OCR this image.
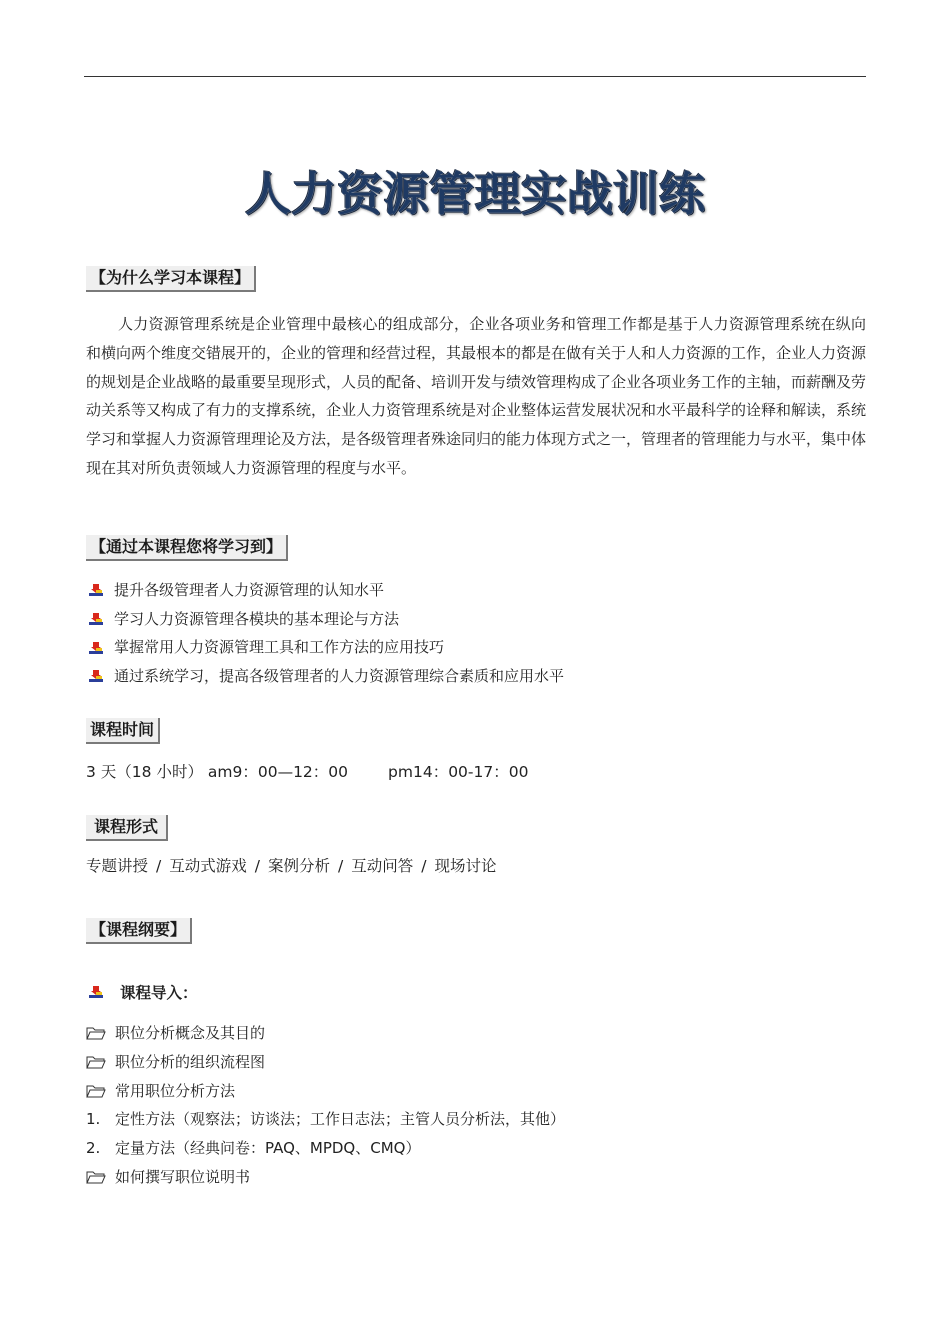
人力资源管理实战训练
【为什么学习本课程】

人力资源管理系统是企业管理中最核心的组成部分，企业各项业务和管理工作都是基于人力资源管理系统在纵向和横向两个维度交错展开的，企业的管理和经营过程，其最根本的都是在做有关于人和人力资源的工作，企业人力资源的规划是企业战略的最重要呈现形式，人员的配备、培训开发与绩效管理构成了企业各项业务工作的主轴，而薪酬及劳动关系等又构成了有力的支撑系统，企业人力资管理系统是对企业整体运营发展状况和水平最科学的诠释和解读，系统学习和掌握人力资源管理理论及方法，是各级管理者殊途同归的能力体现方式之一，管理者的管理能力与水平，集中体现在其对所负责领域人力资源管理的程度与水平。

【通过本课程您将学习到】
提升各级管理者人力资源管理的认知水平
学习人力资源管理各模块的基本理论与方法
掌握常用人力资源管理工具和工作方法的应用技巧
通过系统学习，提高各级管理者的人力资源管理综合素质和应用水平
课程时间
3 天（18 小时） am9：00—12：00	pm14：00-17：00
课程形式
专题讲授 / 互动式游戏 / 案例分析 / 互动问答 / 现场讨论
【课程纲要】
课程导入：
职位分析概念及其目的
职位分析的组织流程图
常用职位分析方法
1. 定性方法（观察法；访谈法；工作日志法；主管人员分析法，其他）
2. 定量方法（经典问卷：PAQ、MPDQ、CMQ）
如何撰写职位说明书
